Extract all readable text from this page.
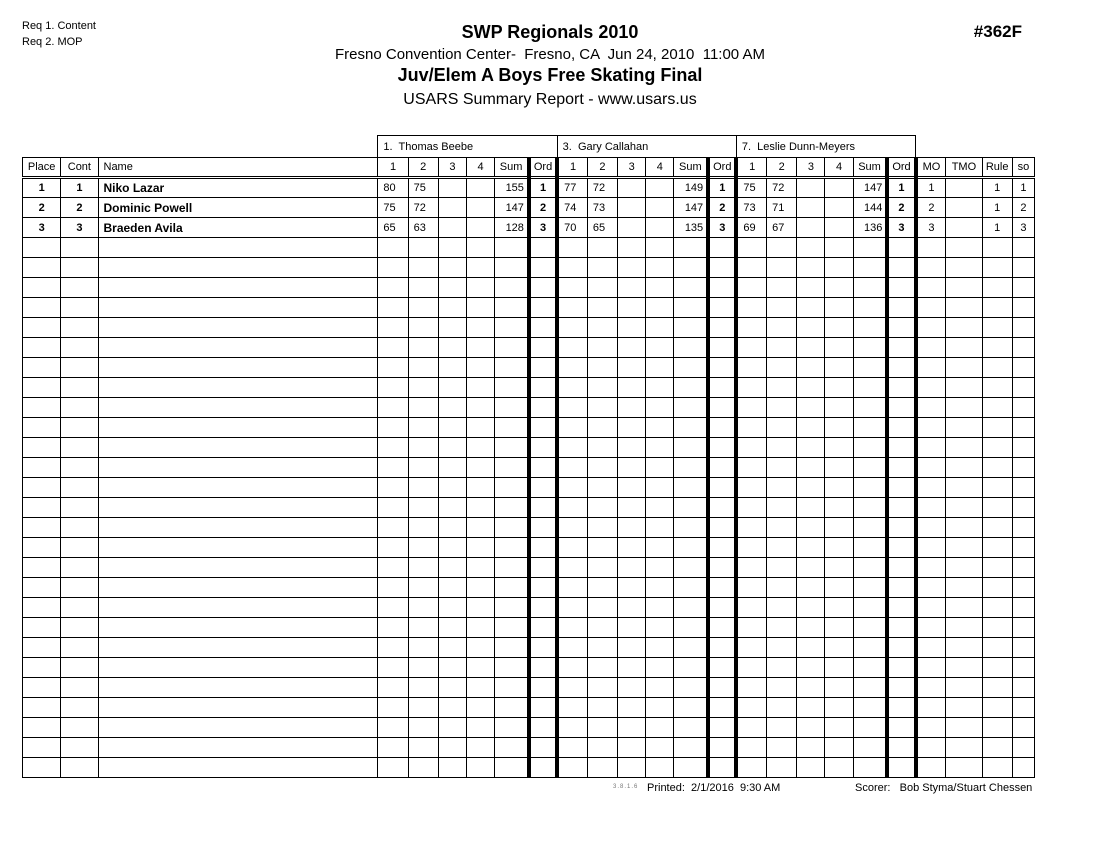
Req 1. Content
Req 2. MOP
#362F
SWP Regionals 2010
Fresno Convention Center-  Fresno, CA  Jun 24, 2010  11:00 AM
Juv/Elem A Boys Free Skating Final
USARS Summary Report - www.usars.us
			1.  Thomas Beebe						3.  Gary Callahan						7.  Leslie Dunn-Meyers									
Place	Cont	Name	1	2	3	4	Sum	Ord	1	2	3	4	Sum	Ord	1	2	3	4	Sum	Ord	MO	TMO	Rule	so
1	1	Niko Lazar	80	75			155	1	77	72			149	1	75	72			147	1	1		1	1
2	2	Dominic Powell	75	72			147	2	74	73			147	2	73	71			144	2	2		1	2
3	3	Braeden Avila	65	63			128	3	70	65			135	3	69	67			136	3	3		1	3

3.8.1.6 Printed:  2/1/2016  9:30 AM	Scorer:   Bob Styma/Stuart Chessen
